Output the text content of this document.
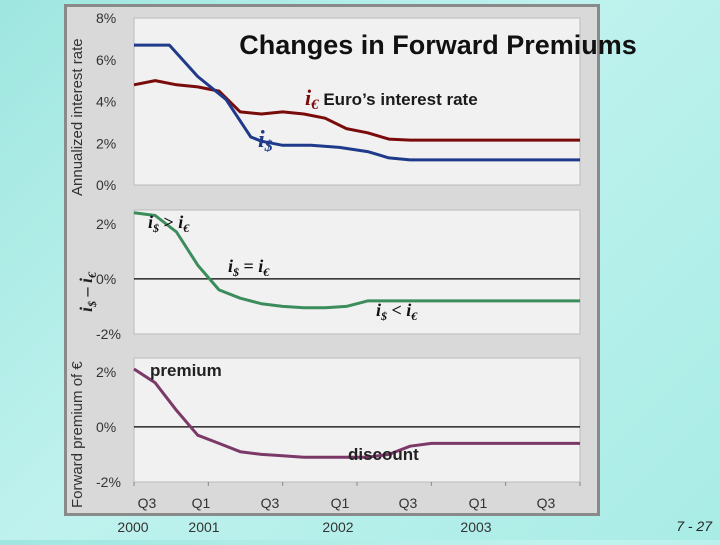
8%
6%
4%
2%
0%
2%
0%
-2%
2%
0%
-2%
Annualized interest rate
$i_{\$} - i_€$
Forward premium of €
Changes in Forward Premiums
i€ Euro’s interest rate
i$
$i_{\$} > i_€$
$i_{\$} = i_€$
$i_{\$} < i_€$
premium
discount
Q3	Q1	Q3	Q1	Q3	Q1	Q3
2000	2001	2002	2003	7 - 27
